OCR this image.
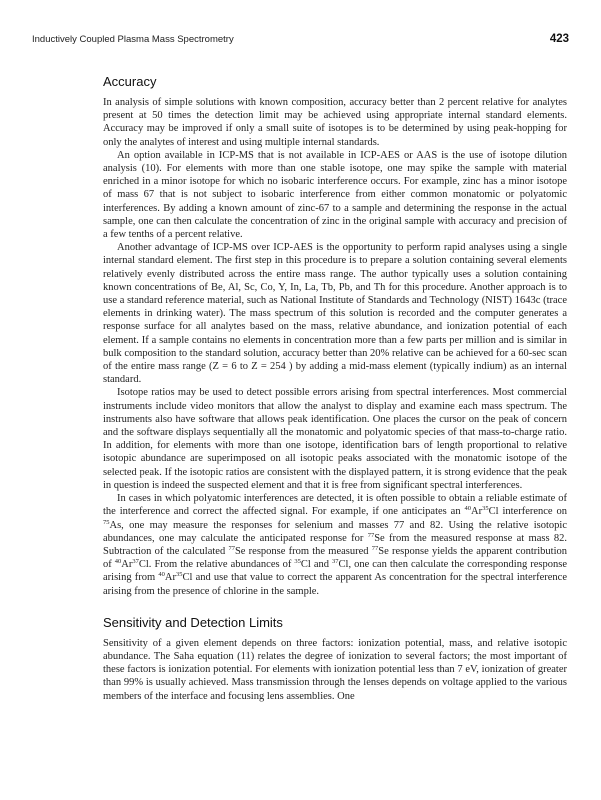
Inductively Coupled Plasma Mass Spectrometry	423
Accuracy

In analysis of simple solutions with known composition, accuracy better than 2 percent relative for analytes present at 50 times the detection limit may be achieved using appropriate internal standard elements. Accuracy may be improved if only a small suite of isotopes is to be determined by using peak-hopping for only the analytes of interest and using multiple internal standards.

An option available in ICP-MS that is not available in ICP-AES or AAS is the use of isotope dilution analysis (10). For elements with more than one stable isotope, one may spike the sample with material enriched in a minor isotope for which no isobaric interference occurs. For example, zinc has a minor isotope of mass 67 that is not subject to isobaric interference from either common monatomic or polyatomic interferences. By adding a known amount of zinc-67 to a sample and determining the response in the actual sample, one can then calculate the concentration of zinc in the original sample with accuracy and precision of a few tenths of a percent relative.

Another advantage of ICP-MS over ICP-AES is the opportunity to perform rapid analyses using a single internal standard element. The first step in this procedure is to prepare a solution containing several elements relatively evenly distributed across the entire mass range. The author typically uses a solution containing known concentrations of Be, Al, Sc, Co, Y, In, La, Tb, Pb, and Th for this procedure. Another approach is to use a standard reference material, such as National Institute of Standards and Technology (NIST) 1643c (trace elements in drinking water). The mass spectrum of this solution is recorded and the computer generates a response surface for all analytes based on the mass, relative abundance, and ionization potential of each element. If a sample contains no elements in concentration more than a few parts per million and is similar in bulk composition to the standard solution, accuracy better than 20% relative can be achieved for a 60-sec scan of the entire mass range (Z = 6 to Z = 254 ) by adding a mid-mass element (typically indium) as an internal standard.

Isotope ratios may be used to detect possible errors arising from spectral interferences. Most commercial instruments include video monitors that allow the analyst to display and examine each mass spectrum. The instruments also have software that allows peak identification. One places the cursor on the peak of concern and the software displays sequentially all the monatomic and polyatomic species of that mass-to-charge ratio. In addition, for elements with more than one isotope, identification bars of length proportional to relative isotopic abundance are superimposed on all isotopic peaks associated with the monatomic isotope of the selected peak. If the isotopic ratios are consistent with the displayed pattern, it is strong evidence that the peak in question is indeed the suspected element and that it is free from significant spectral interferences.

In cases in which polyatomic interferences are detected, it is often possible to obtain a reliable estimate of the interference and correct the affected signal. For example, if one anticipates an $^{40}$Ar$^{35}$Cl interference on $^{75}$As, one may measure the responses for selenium and masses 77 and 82. Using the relative isotopic abundances, one may calculate the anticipated response for $^{77}$Se from the measured response at mass 82. Subtraction of the calculated $^{77}$Se response from the measured $^{77}$Se response yields the apparent contribution of $^{40}$Ar$^{37}$Cl. From the relative abundances of $^{35}$Cl and $^{37}$Cl, one can then calculate the corresponding response arising from $^{40}$Ar$^{35}$Cl and use that value to correct the apparent As concentration for the spectral interference arising from the presence of chlorine in the sample.

Sensitivity and Detection Limits

Sensitivity of a given element depends on three factors: ionization potential, mass, and relative isotopic abundance. The Saha equation (11) relates the degree of ionization to several factors; the most important of these factors is ionization potential. For elements with ionization potential less than 7 eV, ionization of greater than 99% is usually achieved. Mass transmission through the lenses depends on voltage applied to the various members of the interface and focusing lens assemblies. One
